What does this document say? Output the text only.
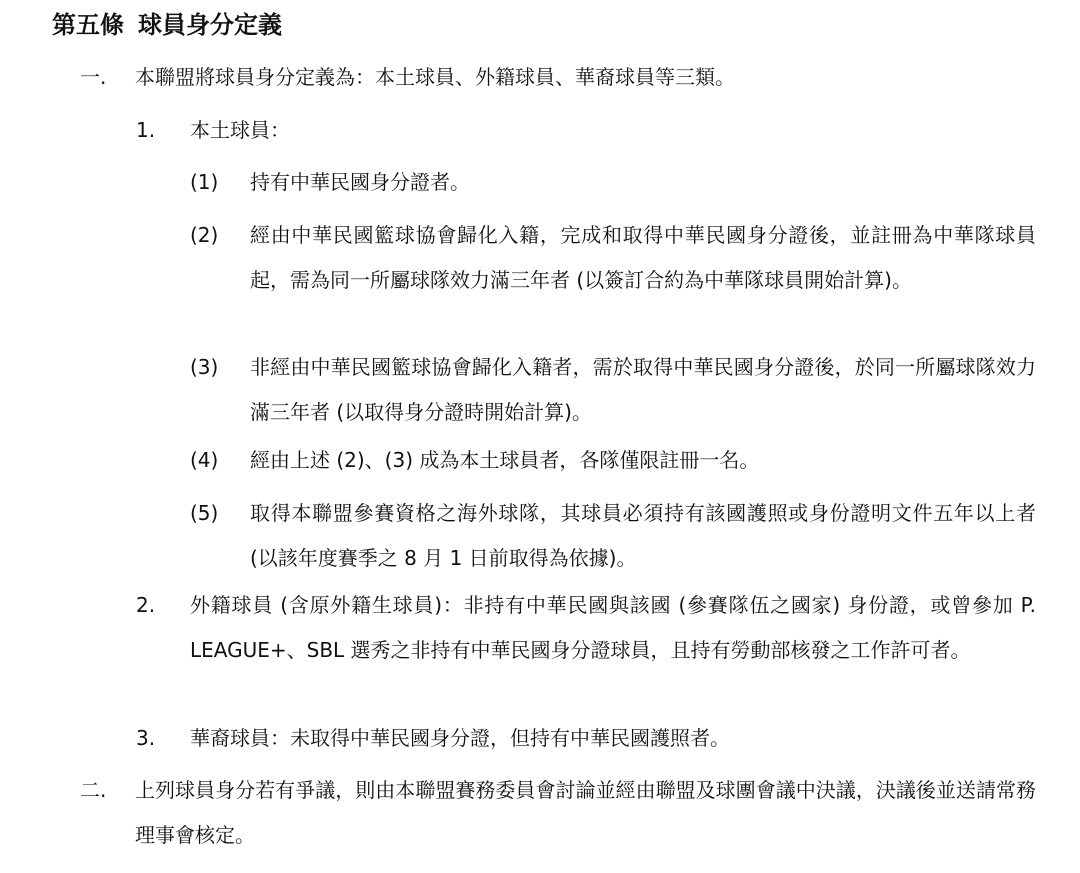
第五條 球員身分定義
一. 本聯盟將球員身分定義為：本土球員、外籍球員、華裔球員等三類。
1. 本土球員：
(1) 持有中華民國身分證者。
(2) 經由中華民國籃球協會歸化入籍，完成和取得中華民國身分證後，並註冊為中華隊球員起，需為同一所屬球隊效力滿三年者 (以簽訂合約為中華隊球員開始計算)。
(3) 非經由中華民國籃球協會歸化入籍者，需於取得中華民國身分證後，於同一所屬球隊效力滿三年者 (以取得身分證時開始計算)。
(4) 經由上述 (2)、(3) 成為本土球員者，各隊僅限註冊一名。
(5) 取得本聯盟參賽資格之海外球隊，其球員必須持有該國護照或身份證明文件五年以上者 (以該年度賽季之 8 月 1 日前取得為依據)。
2. 外籍球員 (含原外籍生球員)：非持有中華民國與該國 (參賽隊伍之國家) 身份證，或曾參加 P. LEAGUE+、SBL 選秀之非持有中華民國身分證球員，且持有勞動部核發之工作許可者。
3. 華裔球員：未取得中華民國身分證，但持有中華民國護照者。
二. 上列球員身分若有爭議，則由本聯盟賽務委員會討論並經由聯盟及球團會議中決議，決議後並送請常務理事會核定。
